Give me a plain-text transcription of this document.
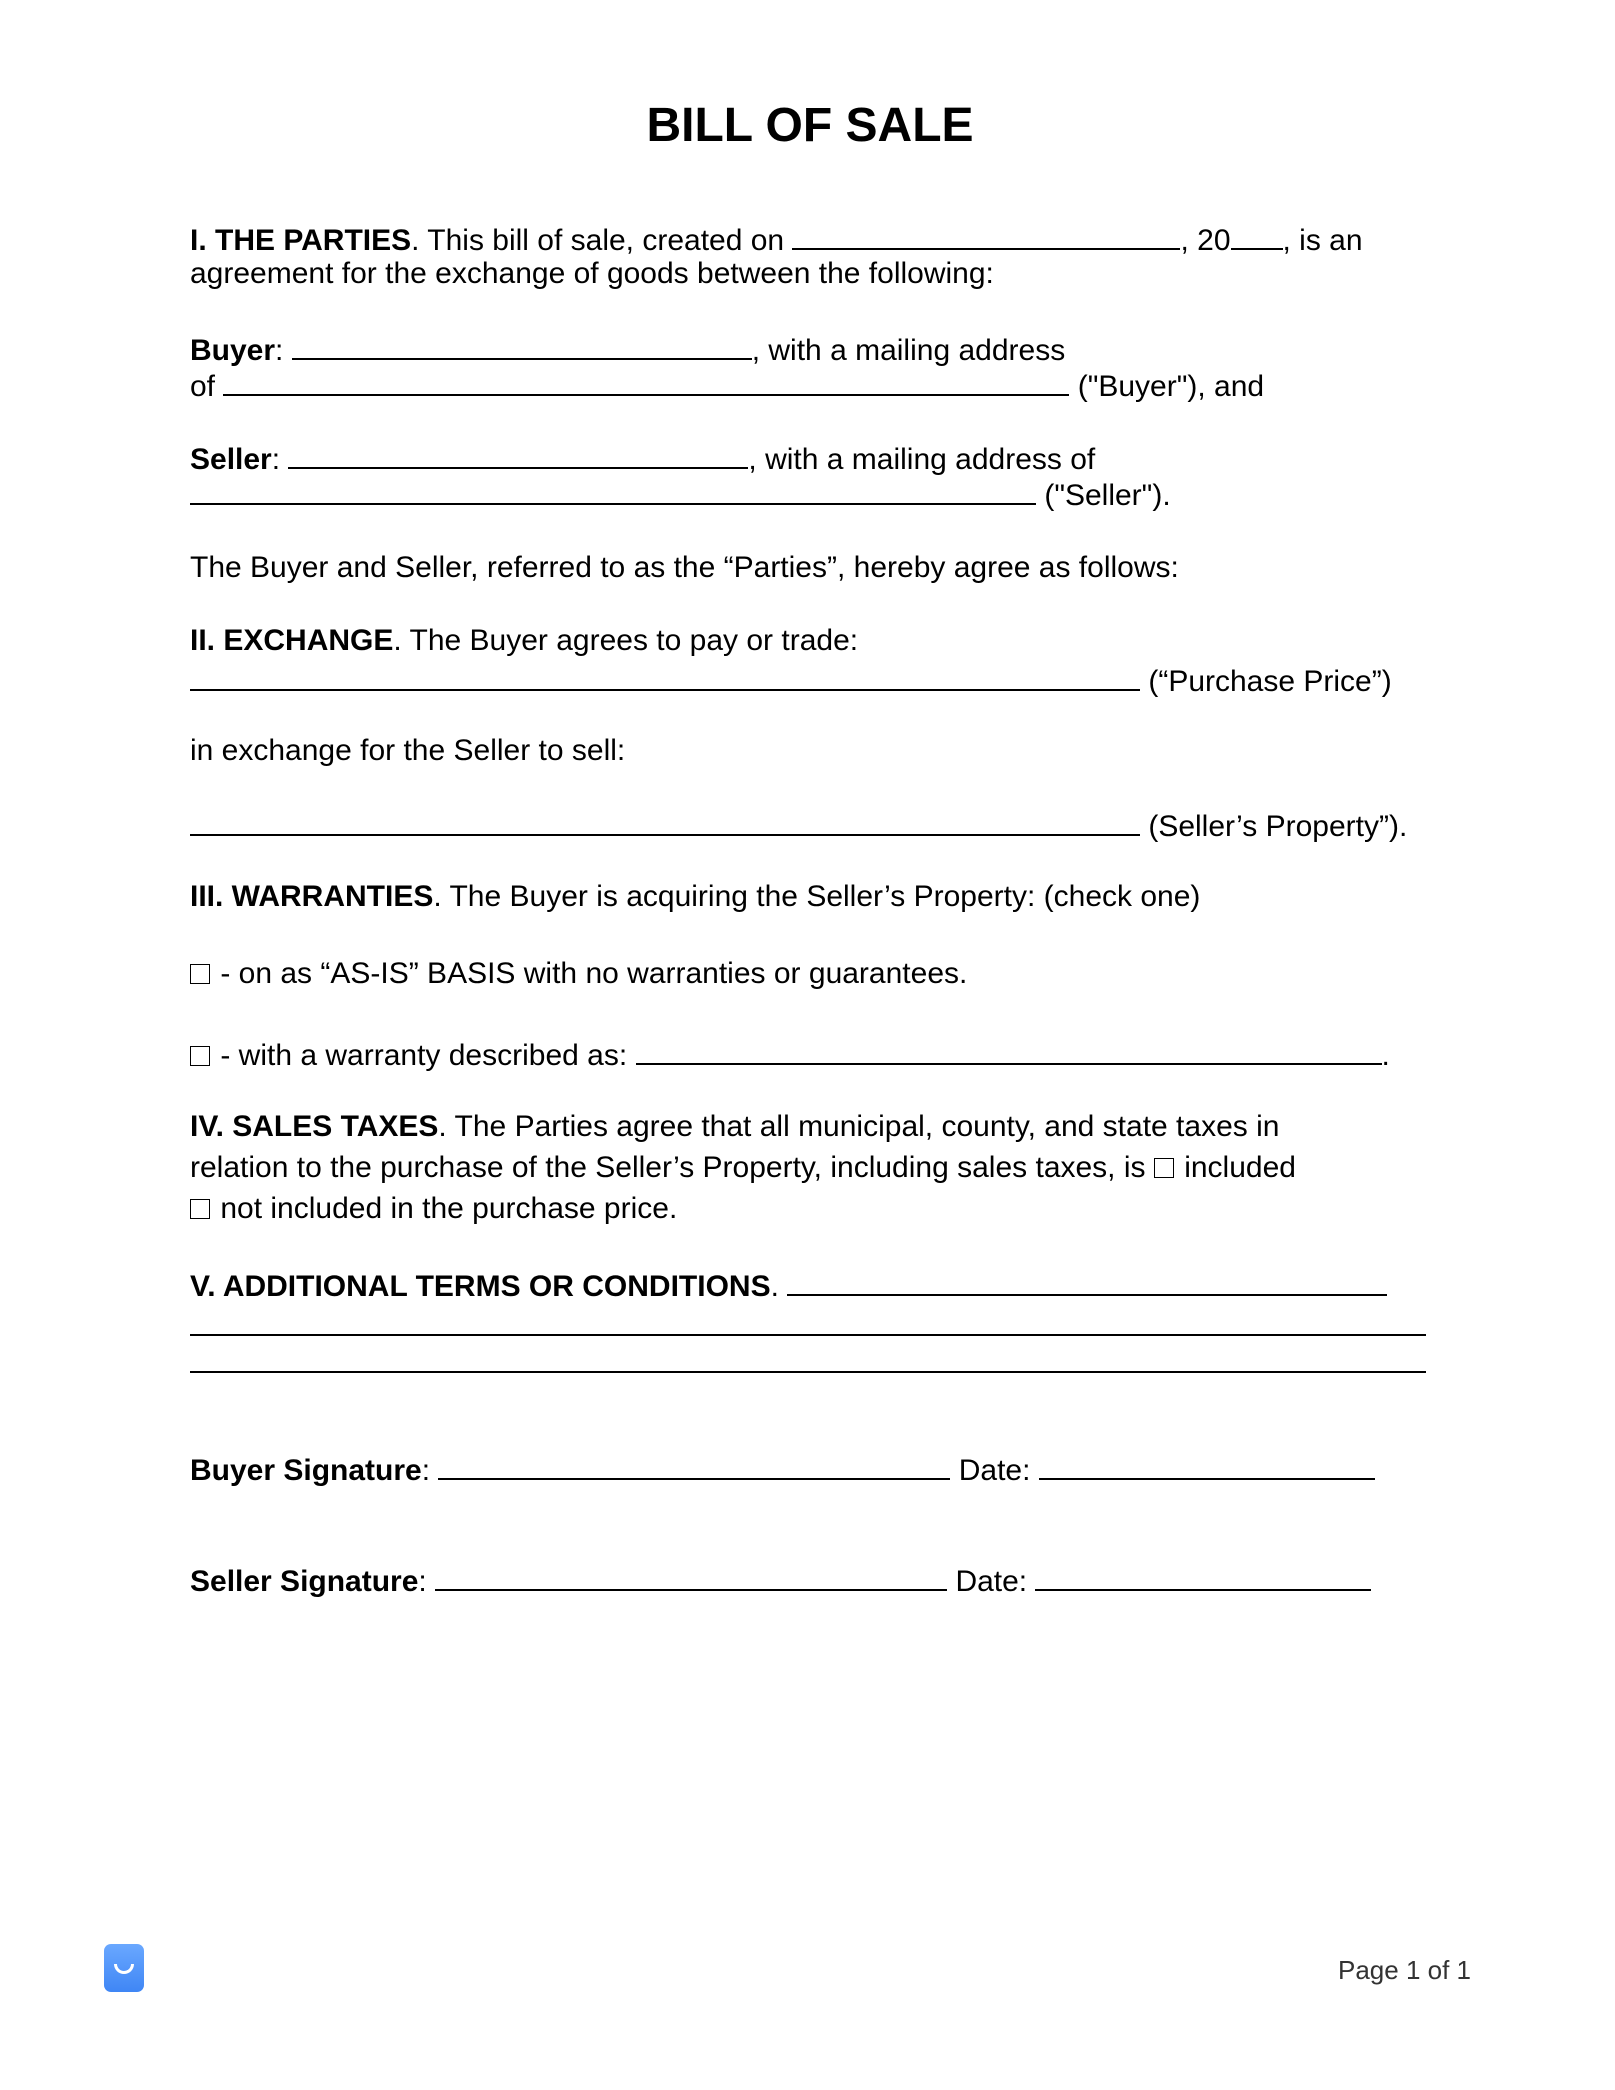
BILL OF SALE

I. THE PARTIES. This bill of sale, created on	, 20 , is an

agreement for the exchange of goods between the following:

Buyer:	, with a mailing address

of	("Buyer"), and

Seller:	, with a mailing address of

("Seller").

The Buyer and Seller, referred to as the “Parties”, hereby agree as follows:

II. EXCHANGE. The Buyer agrees to pay or trade:

(“Purchase Price”)

in exchange for the Seller to sell:

(Seller’s Property”).

III. WARRANTIES. The Buyer is acquiring the Seller’s Property: (check one)

- on as “AS-IS” BASIS with no warranties or guarantees.

- with a warranty described as:	.

IV. SALES TAXES. The Parties agree that all municipal, county, and state taxes in

relation to the purchase of the Seller’s Property, including sales taxes, is  included

not included in the purchase price.

V. ADDITIONAL TERMS OR CONDITIONS.

Buyer Signature:	Date:

Seller Signature:	Date:

Page 1 of 1
